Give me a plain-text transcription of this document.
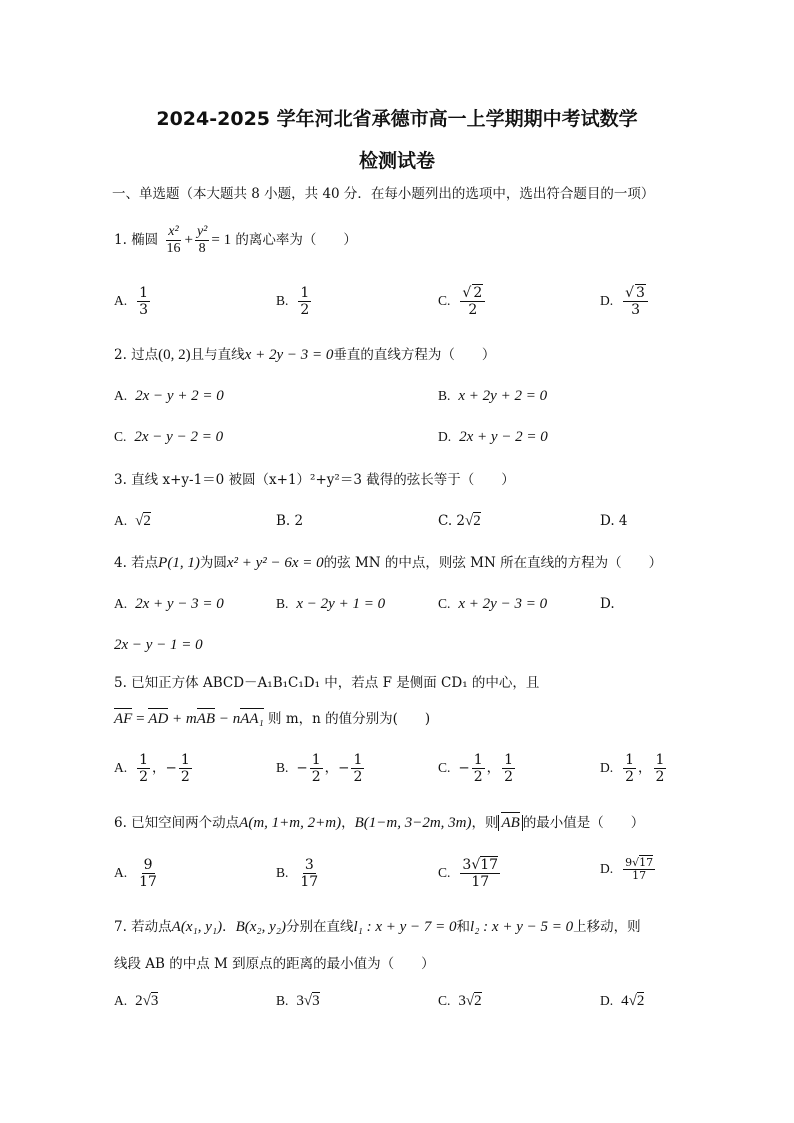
2024-2025 学年河北省承德市高一上学期期中考试数学
检测试卷
一、单选题（本大题共 8 小题，共 40 分．在每小题列出的选项中，选出符合题目的一项）
1. 椭圆 $\frac{\text{x²}}{16} + \frac{\text{y²}}{8} = 1$ 的离心率为（　　）
A. $\frac{1}{3}$	B. $\frac{1}{2}$	C. $\frac{√ 2}{2}$	D. $\frac{√ 3}{3}$
2. 过点(0, 2)且与直线x + 2y − 3 = 0垂直的直线方程为（　　）
A. 2x − y + 2 = 0	B. x + 2y + 2 = 0
C. 2x − y − 2 = 0	D. 2x + y − 2 = 0
3. 直线 x+y-1＝0 被圆（x+1）²+y²＝3 截得的弦长等于（　　）
A. √2	B. 2	C. 2√2	D. 4
4. 若点P(1, 1)为圆x² + y² − 6x = 0的弦 MN 的中点，则弦 MN 所在直线的方程为（　　）
A. 2x + y − 3 = 0	B. x − 2y + 1 = 0	C. x + 2y − 3 = 0	D.
2x − y − 1 = 0
5. 已知正方体 ABCD－A₁B₁C₁D₁ 中，若点 F 是侧面 CD₁ 的中心，且
AF = AD + mAB − nAA₁ 则 m，n 的值分别为(　　)
A. $\frac{1}{2}$ ，− $\frac{1}{2}$	B. − $\frac{1}{2}$ ，− $\frac{1}{2}$	C. − $\frac{1}{2}$ ， $\frac{1}{2}$	D. $\frac{1}{2}$ ， $\frac{1}{2}$
6. 已知空间两个动点A(m, 1+m, 2+m)，B(1−m, 3−2m, 3m)，则 AB 的最小值是（　　）
A. $\frac{9}{17}$	B. $\frac{3}{17}$	C. $\frac{3√17}{17}$	D. $\frac{9√17}{17}$
7. 若动点A(x₁, y₁)．B(x₂, y₂)分别在直线l₁ : x + y − 7 = 0和l₂ : x + y − 5 = 0上移动，则
线段 AB 的中点 M 到原点的距离的最小值为（　　）
A. 2√3	B. 3√3	C. 3√2	D. 4√2
